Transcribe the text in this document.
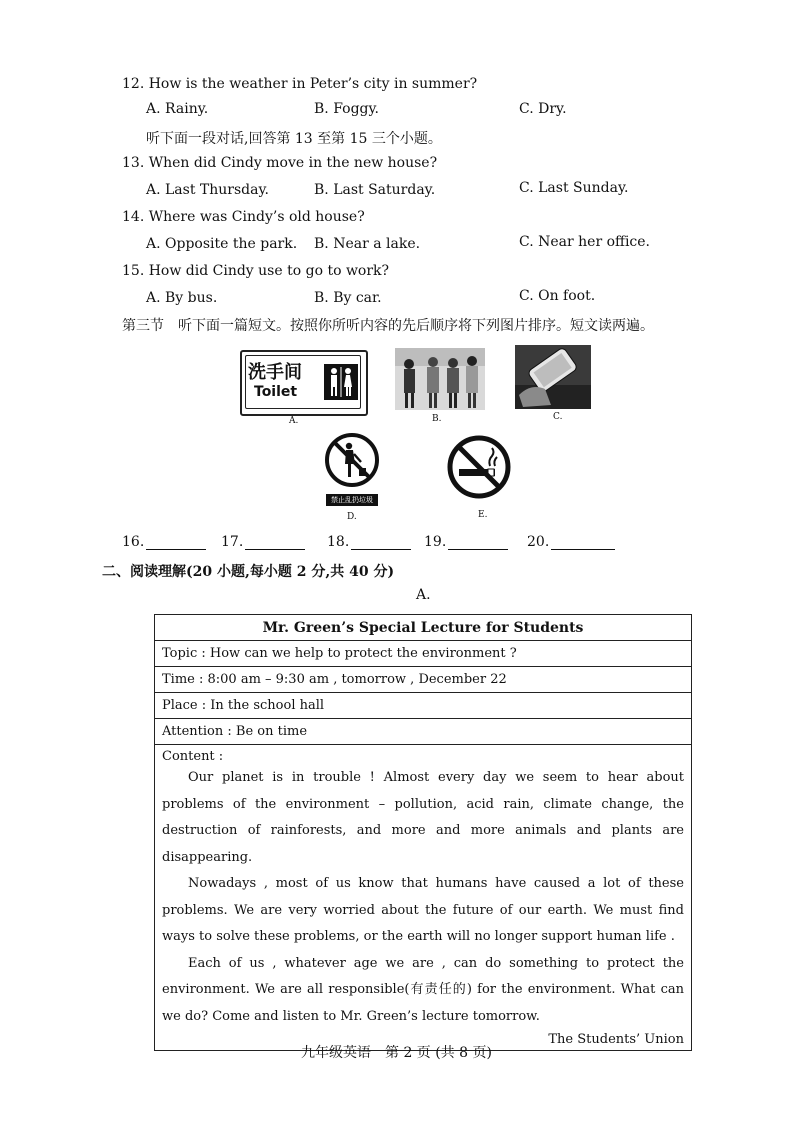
12. How is the weather in Peter’s city in summer?
A. Rainy.	B. Foggy.	C. Dry.
听下面一段对话,回答第 13 至第 15 三个小题。
13. When did Cindy move in the new house?
A. Last Thursday.	B. Last Saturday.	C. Last Sunday.
14. Where was Cindy’s old house?
A. Opposite the park. B. Near a lake.	C. Near her office.
15. How did Cindy use to go to work?
A. By bus.	B. By car.	C. On foot.
第三节　听下面一篇短文。按照你所听内容的先后顺序将下列图片排序。短文读两遍。
洗手间
Toilet
A.	B.	C.
禁止乱扔垃圾
D.	E.
16.	17.	18.	19.	20.
二、阅读理解(20 小题,每小题 2 分,共 40 分)
A.
Mr. Green’s Special Lecture for Students
Topic : How can we help to protect the environment ?
Time : 8:00 am – 9:30 am , tomorrow , December 22
Place : In the school hall
Attention : Be on time

Content :

Our planet is in trouble ! Almost every day we seem to hear about problems of the environment – pollution, acid rain, climate change, the destruction of rainforests, and more and more animals and plants are disappearing.

Nowadays , most of us know that humans have caused a lot of these problems. We are very worried about the future of our earth. We must find ways to solve these problems, or the earth will no longer support human life .

Each of us , whatever age we are , can do something to protect the environment. We are all responsible(有责任的) for the environment. What can we do? Come and listen to Mr. Green’s lecture tomorrow.

The Students’ Union

九年级英语　第 2 页 (共 8 页)
